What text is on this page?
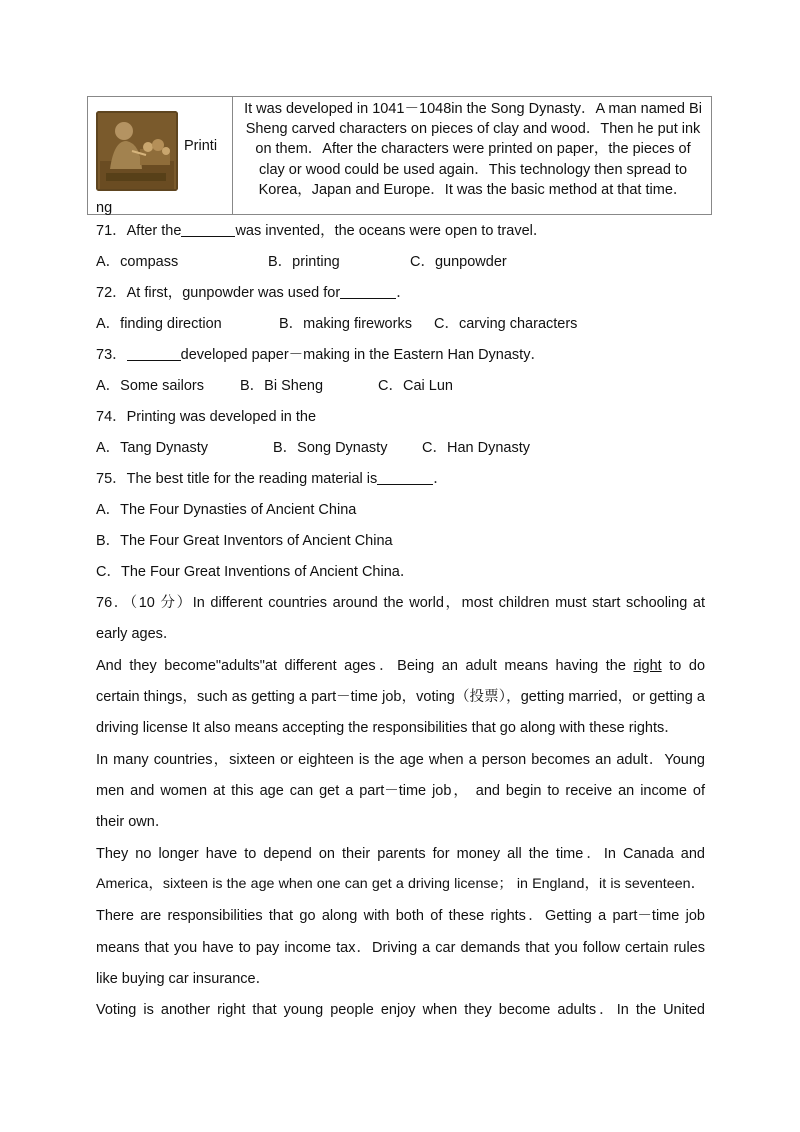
Printi
ng
It was developed in 1041－1048in the Song Dynasty．A man named Bi
Sheng carved characters on pieces of clay and wood．Then he put ink
on them．After the characters were printed on paper，the pieces of
clay or wood could be used again．This technology then spread to
Korea，Japan and Europe．It was the basic method at that time．
71．After the	was invented，the oceans were open to travel．
A．compass	B．printing	C．gunpowder
72．At first，gunpowder was used for	．
A．finding direction	B．making fireworks C．carving characters
73．	developed paper－making in the Eastern Han Dynasty．
A．Some sailors B．Bi Sheng	C．Cai Lun
74．Printing was developed in the
A．Tang Dynasty	B．Song Dynasty C．Han Dynasty
75．The best title for the reading material is	．
A．The Four Dynasties of Ancient China
B．The Four Great Inventors of Ancient China
C．The Four Great Inventions of Ancient China．
76．（10 分）In different countries around the world，most children must start schooling at
early ages．
And they become"adults"at different ages．Being an adult means having the right to do
certain things，such as getting a part－time job，voting（投票），getting married，or getting a
driving license It also means accepting the responsibilities that go along with these rights．
In many countries，sixteen or eighteen is the age when a person becomes an adult．Young
men and women at this age can get a part－time job， and begin to receive an income of
their own．
They no longer have to depend on their parents for money all the time．In Canada and
America，sixteen is the age when one can get a driving license； in England，it is seventeen．
There are responsibilities that go along with both of these rights．Getting a part－time job
means that you have to pay income tax．Driving a car demands that you follow certain rules
like buying car insurance．
Voting is another right that young people enjoy when they become adults．In the United
